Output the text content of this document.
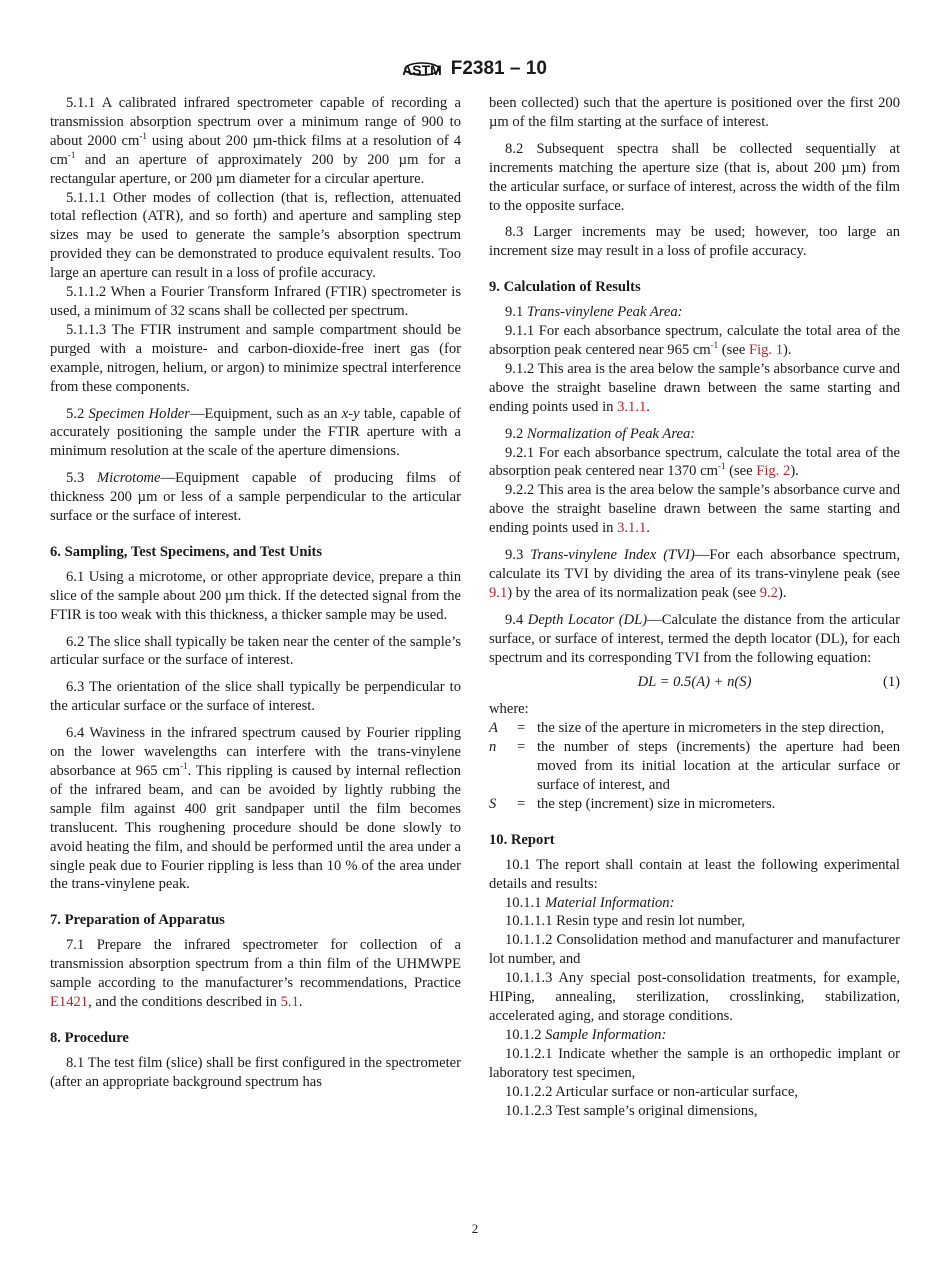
ASTM F2381 – 10
5.1.1 A calibrated infrared spectrometer capable of recording a transmission absorption spectrum over a minimum range of 900 to about 2000 $cm^{-1}$ using about 200 µm-thick films at a resolution of 4 $cm^{-1}$ and an aperture of approximately 200 by 200 µm for a rectangular aperture, or 200 µm diameter for a circular aperture.
5.1.1.1 Other modes of collection (that is, reflection, attenuated total reflection (ATR), and so forth) and aperture and sampling step sizes may be used to generate the sample’s absorption spectrum provided they can be demonstrated to produce equivalent results. Too large an aperture can result in a loss of profile accuracy.
5.1.1.2 When a Fourier Transform Infrared (FTIR) spectrometer is used, a minimum of 32 scans shall be collected per spectrum.
5.1.1.3 The FTIR instrument and sample compartment should be purged with a moisture- and carbon-dioxide-free inert gas (for example, nitrogen, helium, or argon) to minimize spectral interference from these components.
5.2 Specimen Holder—Equipment, such as an x-y table, capable of accurately positioning the sample under the FTIR aperture with a minimum resolution at the scale of the aperture dimensions.
5.3 Microtome—Equipment capable of producing films of thickness 200 µm or less of a sample perpendicular to the articular surface or the surface of interest.
6. Sampling, Test Specimens, and Test Units
6.1 Using a microtome, or other appropriate device, prepare a thin slice of the sample about 200 µm thick. If the detected signal from the FTIR is too weak with this thickness, a thicker sample may be used.
6.2 The slice shall typically be taken near the center of the sample’s articular surface or the surface of interest.
6.3 The orientation of the slice shall typically be perpendicular to the articular surface or the surface of interest.
6.4 Waviness in the infrared spectrum caused by Fourier rippling on the lower wavelengths can interfere with the trans-vinylene absorbance at 965 $cm^{-1}$. This rippling is caused by internal reflection of the infrared beam, and can be avoided by lightly rubbing the sample film against 400 grit sandpaper until the film becomes translucent. This roughening procedure should be done slowly to avoid heating the film, and should be performed until the area under a single peak due to Fourier rippling is less than 10 % of the area under the trans-vinylene peak.
7. Preparation of Apparatus
7.1 Prepare the infrared spectrometer for collection of a transmission absorption spectrum from a thin film of the UHMWPE sample according to the manufacturer’s recommendations, Practice E1421, and the conditions described in 5.1.
8. Procedure
8.1 The test film (slice) shall be first configured in the spectrometer (after an appropriate background spectrum has
been collected) such that the aperture is positioned over the first 200 µm of the film starting at the surface of interest.
8.2 Subsequent spectra shall be collected sequentially at increments matching the aperture size (that is, about 200 µm) from the articular surface, or surface of interest, across the width of the film to the opposite surface.
8.3 Larger increments may be used; however, too large an increment size may result in a loss of profile accuracy.
9. Calculation of Results
9.1 Trans-vinylene Peak Area:
9.1.1 For each absorbance spectrum, calculate the total area of the absorption peak centered near 965 $cm^{-1}$ (see Fig. 1).
9.1.2 This area is the area below the sample’s absorbance curve and above the straight baseline drawn between the same starting and ending points used in 3.1.1.
9.2 Normalization of Peak Area:
9.2.1 For each absorbance spectrum, calculate the total area of the absorption peak centered near 1370 $cm^{-1}$ (see Fig. 2).
9.2.2 This area is the area below the sample’s absorbance curve and above the straight baseline drawn between the same starting and ending points used in 3.1.1.
9.3 Trans-vinylene Index (TVI)—For each absorbance spectrum, calculate its TVI by dividing the area of its trans-vinylene peak (see 9.1) by the area of its normalization peak (see 9.2).
9.4 Depth Locator (DL)—Calculate the distance from the articular surface, or surface of interest, termed the depth locator (DL), for each spectrum and its corresponding TVI from the following equation:
DL = 0.5(A) + n(S)	(1)
where:
A	= the size of the aperture in micrometers in the step direction,
n	= the number of steps (increments) the aperture had been moved from its initial location at the articular surface or surface of interest, and
S	= the step (increment) size in micrometers.
10. Report
10.1 The report shall contain at least the following experimental details and results:
10.1.1 Material Information:
10.1.1.1 Resin type and resin lot number,
10.1.1.2 Consolidation method and manufacturer and manufacturer lot number, and
10.1.1.3 Any special post-consolidation treatments, for example, HIPing, annealing, sterilization, crosslinking, stabilization, accelerated aging, and storage conditions.
10.1.2 Sample Information:
10.1.2.1 Indicate whether the sample is an orthopedic implant or laboratory test specimen,
10.1.2.2 Articular surface or non-articular surface,
10.1.2.3 Test sample’s original dimensions,
2
